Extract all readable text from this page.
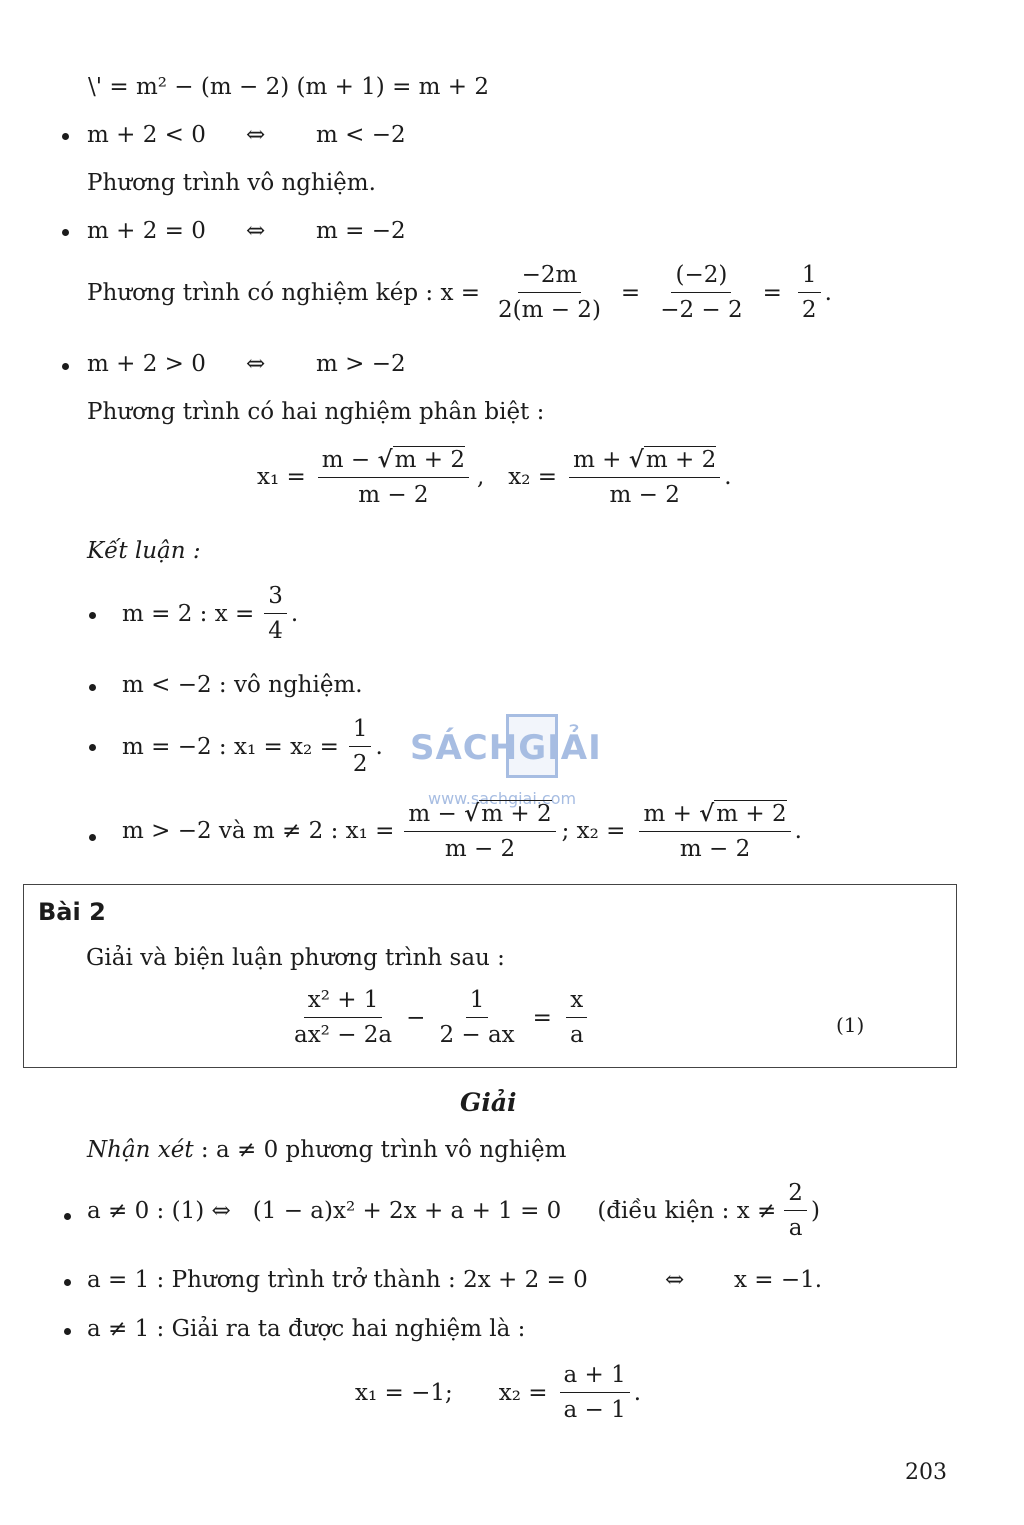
\' = m² − (m − 2) (m + 1) = m + 2
m + 2 < 0 ⇔ m < −2
Phương trình vô nghiệm.
m + 2 = 0 ⇔ m = −2
Phương trình có nghiệm kép : $x = \frac{-2m}{2(m - 2)} = \frac{(-2)}{-2 - 2} = \frac{1}{2}$ .
m + 2 > 0 ⇔ m > −2
Phương trình có hai nghiệm phân biệt :
$x_1 = \frac{m - √m + 2}{m - 2}$ , $x_2 = \frac{m + √m + 2}{m - 2}$ .
Kết luận :
m = 2 : $x = \frac{3}{4}$ .
m < −2 : vô nghiệm.
m = −2 : $x_1 = x_2 = \frac{1}{2}$ . SÁCHGIẢI
www.sachgiai.com
m > −2 và m ≠ 2 : $x_1 = \frac{m - √m + 2}{m - 2}$ ; $x_2 = \frac{m + √m + 2}{m - 2}$ .
Bài 2
Giải và biện luận phương trình sau :
$\frac{\text{x² + 1}}{\text{ax² − 2a}} - \frac{1}{2 - ax} = \frac{x}{a}$	(1)
Giải
Nhận xét : a ≠ 0 phương trình vô nghiệm
a ≠ 0 : (1) ⇔ (1 − a)x² + 2x + a + 1 = 0 (điều kiện : $x \ne \frac{2}{a}$ )
a = 1 : Phương trình trở thành : 2x + 2 = 0	⇔ x = −1.
a ≠ 1 : Giải ra ta được hai nghiệm là :
x₁ = −1; $x_2 = \frac{a + 1}{a - 1}$ .
203
